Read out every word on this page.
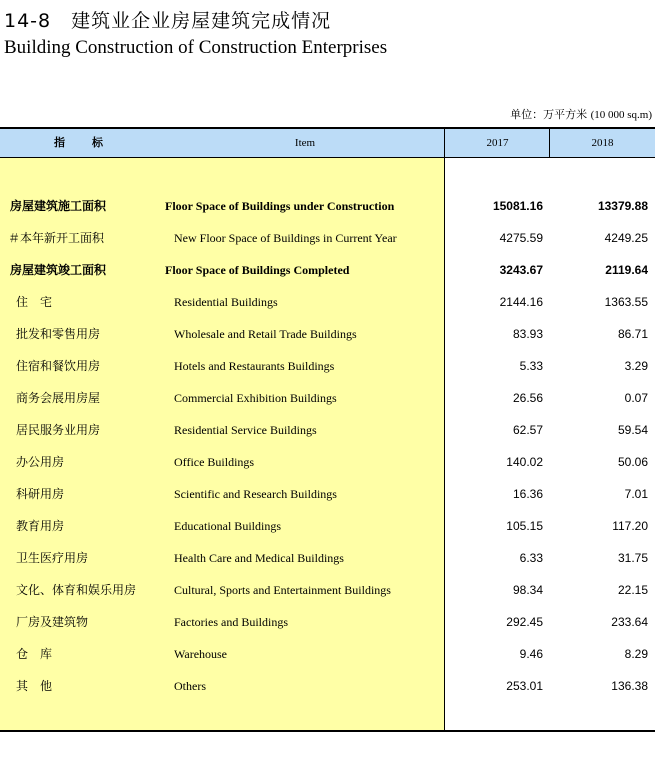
14-8　建筑业企业房屋建筑完成情况
Building Construction of Construction Enterprises
单位：万平方米 (10 000 sq.m)
指　标	Item	2017	2018
房屋建筑施工面积	Floor Space of Buildings under Construction	15081.16	13379.88
＃本年新开工面积	New Floor Space of Buildings in Current Year	4275.59	4249.25
房屋建筑竣工面积	Floor Space of Buildings Completed	3243.67	2119.64
住　宅	Residential Buildings	2144.16	1363.55
批发和零售用房	Wholesale and Retail Trade Buildings	83.93	86.71
住宿和餐饮用房	Hotels and Restaurants Buildings	5.33	3.29
商务会展用房屋	Commercial Exhibition Buildings	26.56	0.07
居民服务业用房	Residential Service Buildings	62.57	59.54
办公用房	Office Buildings	140.02	50.06
科研用房	Scientific and Research Buildings	16.36	7.01
教育用房	Educational Buildings	105.15	117.20
卫生医疗用房	Health Care and Medical Buildings	6.33	31.75
文化、体育和娱乐用房	Cultural, Sports and Entertainment Buildings	98.34	22.15
厂房及建筑物	Factories and Buildings	292.45	233.64
仓　库	Warehouse	9.46	8.29
其　他	Others	253.01	136.38
